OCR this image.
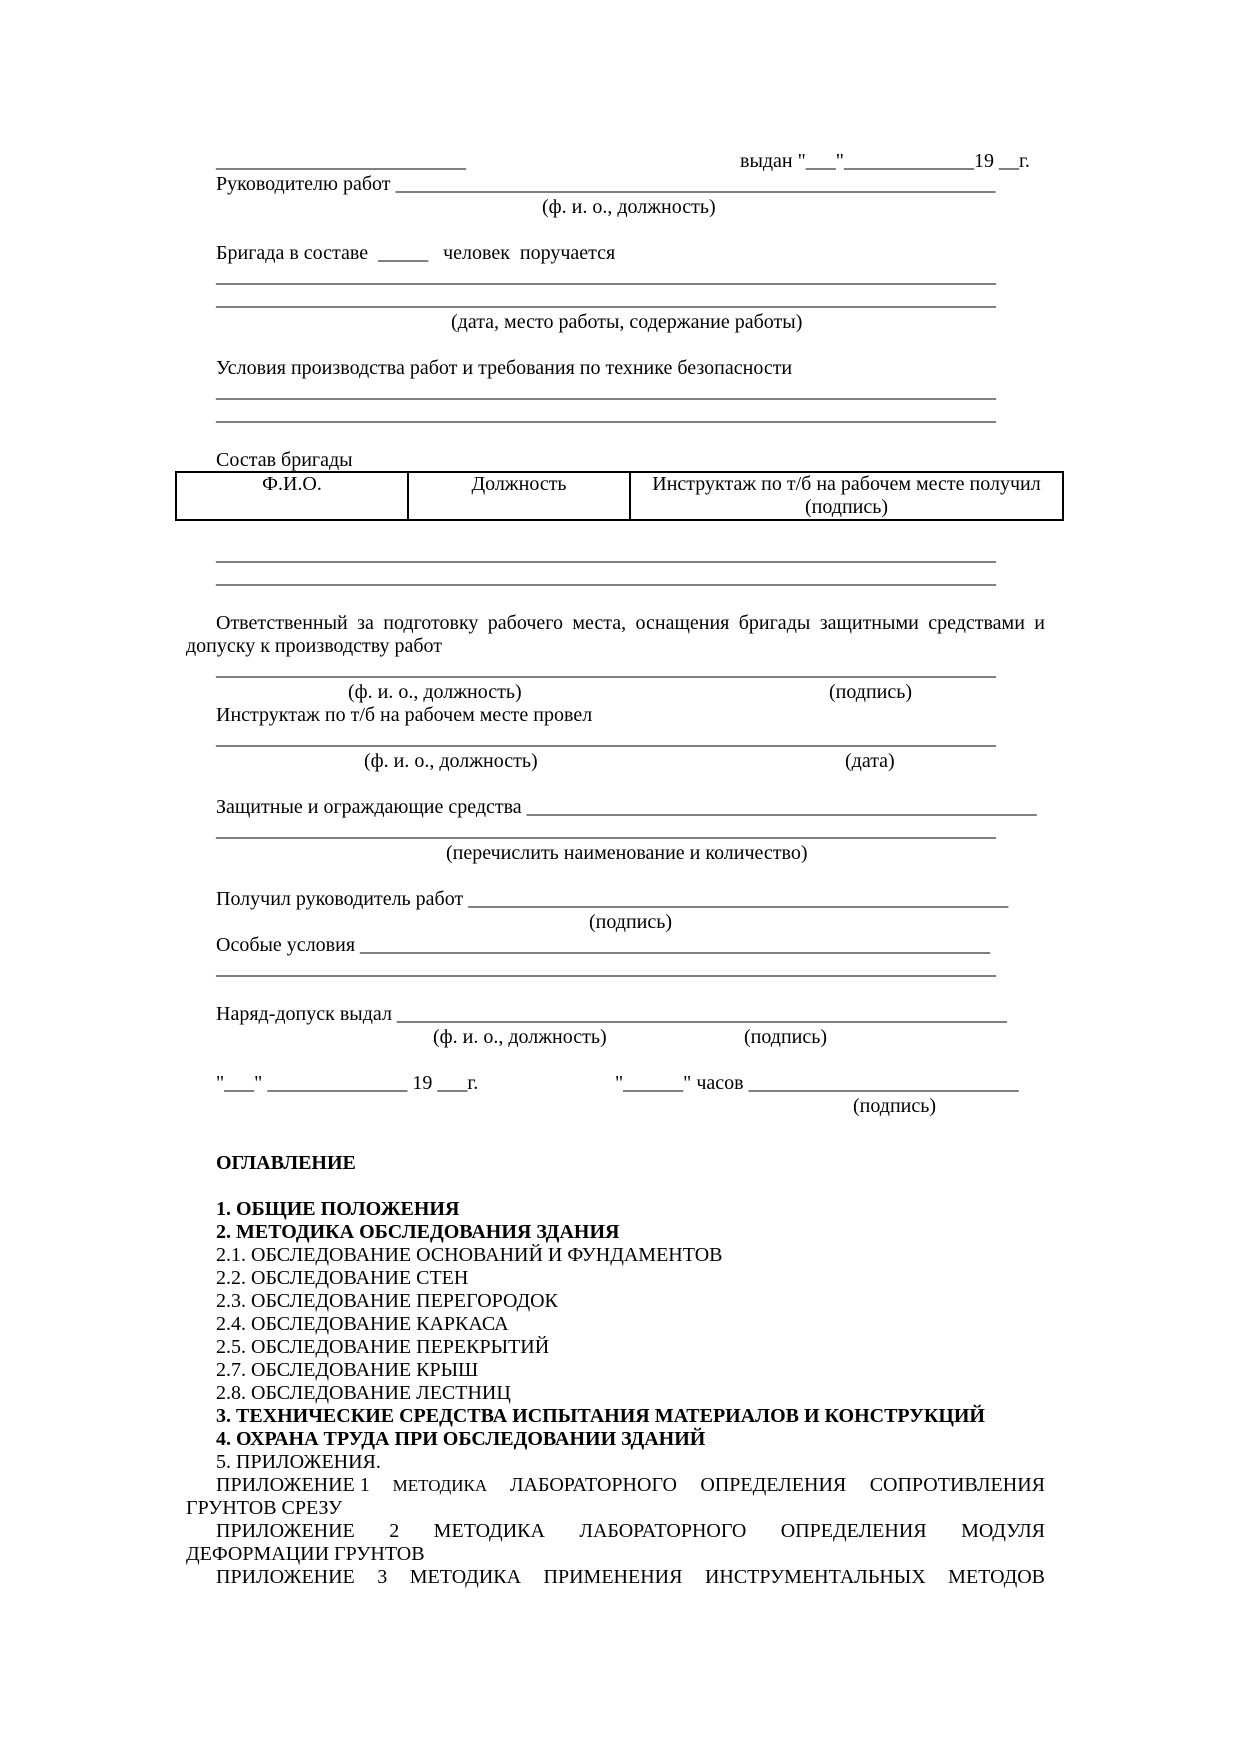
_________________________	выдан "___"_____________19 __г.
Руководителю работ ____________________________________________________________
(ф. и. о., должность)
Бригада в составе  _____   человек  поручается
______________________________________________________________________________
______________________________________________________________________________
(дата, место работы, содержание работы)
Условия производства работ и требования по технике безопасности
______________________________________________________________________________
______________________________________________________________________________
Состав бригады
Ф.И.О.	Должность	Инструктаж по т/б на рабочем месте получил (подпись)
______________________________________________________________________________
______________________________________________________________________________
Ответственный за подготовку рабочего места, оснащения бригады защитными средствами и
допуску к производству работ
______________________________________________________________________________
(ф. и. о., должность)	(подпись)
Инструктаж по т/б на рабочем месте провел
______________________________________________________________________________
(ф. и. о., должность)	(дата)
Защитные и ограждающие средства ___________________________________________________
______________________________________________________________________________
(перечислить наименование и количество)
Получил руководитель работ ______________________________________________________
(подпись)
Особые условия _______________________________________________________________
______________________________________________________________________________
Наряд-допуск выдал _____________________________________________________________
(ф. и. о., должность)	(подпись)
"___" ______________ 19 ___г.	"______" часов ___________________________
(подпись)
ОГЛАВЛЕНИЕ
1. ОБЩИЕ ПОЛОЖЕНИЯ
2. МЕТОДИКА ОБСЛЕДОВАНИЯ ЗДАНИЯ
2.1. ОБСЛЕДОВАНИЕ ОСНОВАНИЙ И ФУНДАМЕНТОВ
2.2. ОБСЛЕДОВАНИЕ СТЕН
2.3. ОБСЛЕДОВАНИЕ ПЕРЕГОРОДОК
2.4. ОБСЛЕДОВАНИЕ КАРКАСА
2.5. ОБСЛЕДОВАНИЕ ПЕРЕКРЫТИЙ
2.7. ОБСЛЕДОВАНИЕ КРЫШ
2.8. ОБСЛЕДОВАНИЕ ЛЕСТНИЦ
3. ТЕХНИЧЕСКИЕ СРЕДСТВА ИСПЫТАНИЯ МАТЕРИАЛОВ И КОНСТРУКЦИЙ
4. ОХРАНА ТРУДА ПРИ ОБСЛЕДОВАНИИ ЗДАНИЙ
5. ПРИЛОЖЕНИЯ.
ПРИЛОЖЕНИЕ 1 МЕТОДИКА ЛАБОРАТОРНОГО ОПРЕДЕЛЕНИЯ СОПРОТИВЛЕНИЯ
ГРУНТОВ СРЕЗУ
ПРИЛОЖЕНИЕ 2 МЕТОДИКА ЛАБОРАТОРНОГО ОПРЕДЕЛЕНИЯ МОДУЛЯ
ДЕФОРМАЦИИ ГРУНТОВ
ПРИЛОЖЕНИЕ 3 МЕТОДИКА ПРИМЕНЕНИЯ ИНСТРУМЕНТАЛЬНЫХ МЕТОДОВ
